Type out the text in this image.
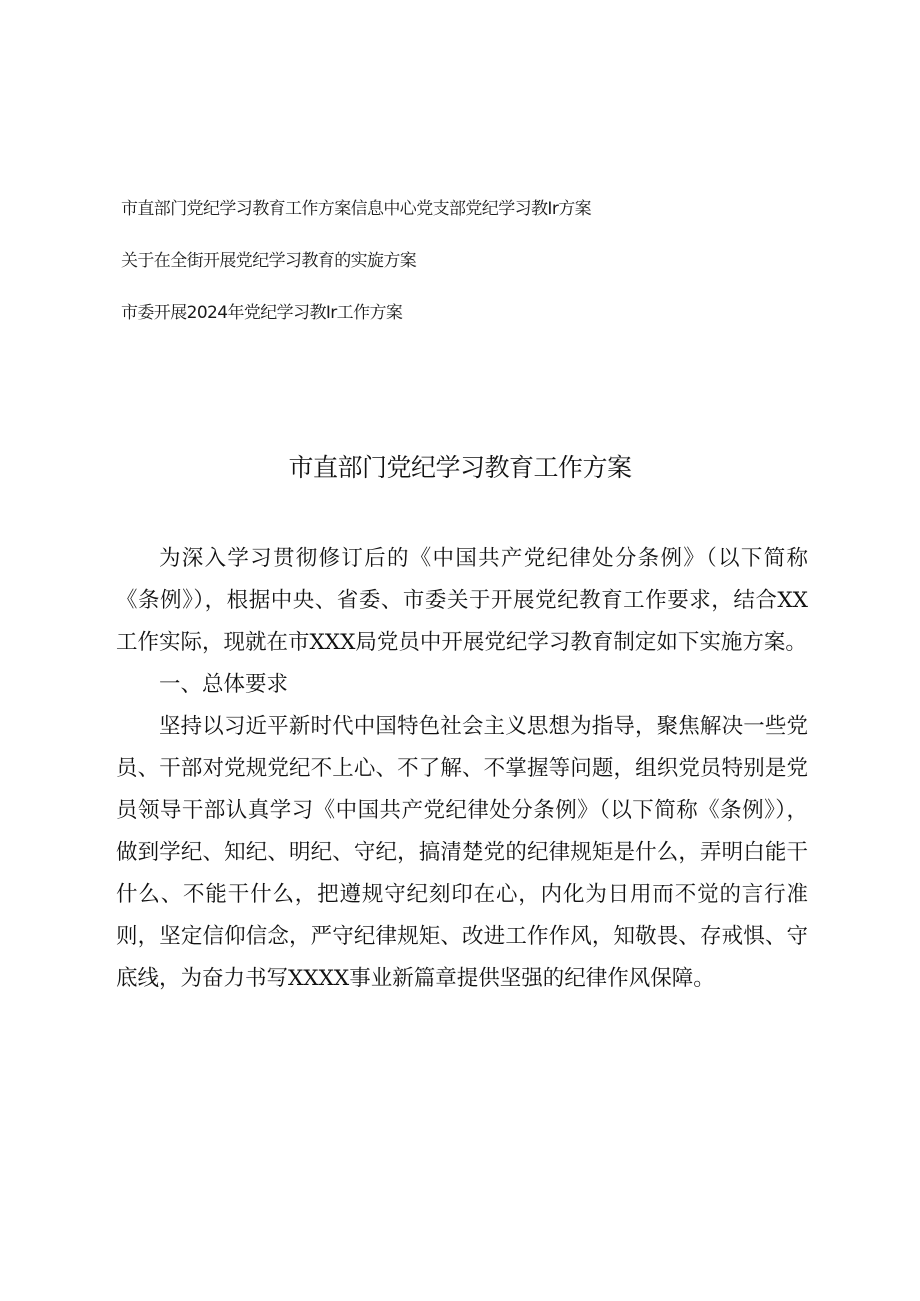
市直部门党纪学习教育工作方案信息中心党支部党纪学习教Ir方案
关于在全街开展党纪学习教育的实旋方案
市委开展2024年党纪学习教Ir工作方案
市直部门党纪学习教育工作方案

为深入学习贯彻修订后的《中国共产党纪律处分条例》（以下简称《条例》），根据中央、省委、市委关于开展党纪教育工作要求，结合XX工作实际，现就在市XXX局党员中开展党纪学习教育制定如下实施方案。

一、总体要求

坚持以习近平新时代中国特色社会主义思想为指导，聚焦解决一些党员、干部对党规党纪不上心、不了解、不掌握等问题，组织党员特别是党员领导干部认真学习《中国共产党纪律处分条例》（以下简称《条例》），做到学纪、知纪、明纪、守纪，搞清楚党的纪律规矩是什么，弄明白能干什么、不能干什么，把遵规守纪刻印在心，内化为日用而不觉的言行准则，坚定信仰信念，严守纪律规矩、改进工作作风，知敬畏、存戒惧、守底线，为奋力书写XXXX事业新篇章提供坚强的纪律作风保障。
